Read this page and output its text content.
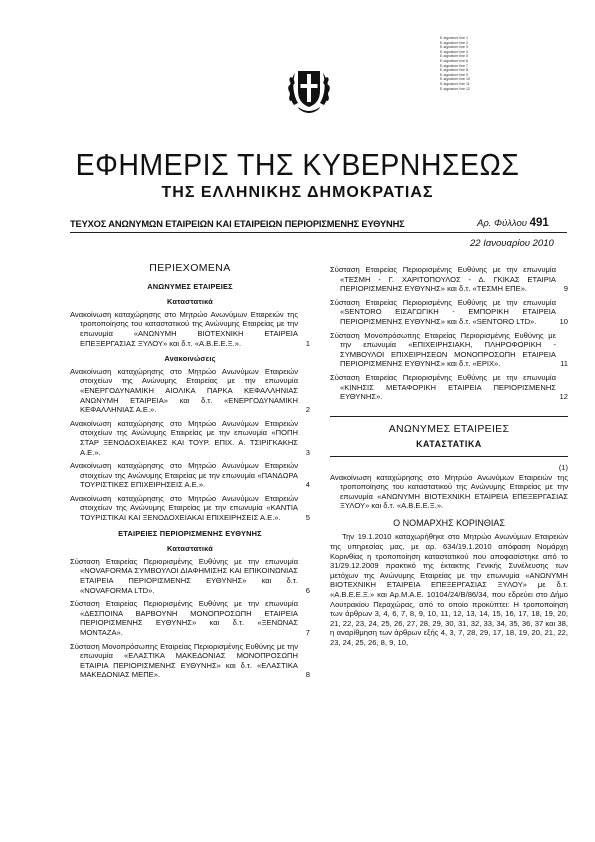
E-signature line 1
E-signature line 2
E-signature line 3
E-signature line 4
E-signature line 5
E-signature line 6
E-signature line 7
E-signature line 8
E-signature line 9
E-signature line 10
E-signature line 11
E-signature line 12
ΕΦΗΜΕΡΙΣ ΤΗΣ ΚΥΒΕΡΝΗΣΕΩΣ
ΤΗΣ ΕΛΛΗΝΙΚΗΣ ΔΗΜΟΚΡΑΤΙΑΣ
ΤΕΥΧΟΣ ΑΝΩΝΥΜΩΝ ΕΤΑΙΡΕΙΩΝ ΚΑΙ ΕΤΑΙΡΕΙΩΝ ΠΕΡΙΟΡΙΣΜΕΝΗΣ ΕΥΘΥΝΗΣ	Αρ. Φύλλου 491
22 Ιανουαρίου 2010
ΠΕΡΙΕΧΟΜΕΝΑ
ΑΝΩΝΥΜΕΣ ΕΤΑΙΡΕΙΕΣ
Καταστατικά
Ανακοίνωση καταχώρησης στο Μητρώο Ανωνύμων Εταιρειών της τροποποίησης του καταστατικού της Ανώνυμης Εταιρείας με την επωνυμία «ΑΝΩΝΥΜΗ ΒΙΟΤΕΧΝΙΚΗ ΕΤΑΙΡΕΙΑ ΕΠΕΞΕΡΓΑΣΙΑΣ ΞΥΛΟΥ» και δ.τ. «Α.Β.Ε.Ε.Ξ.».	1
Ανακοινώσεις
Ανακοίνωση καταχώρησης στο Μητρώο Ανωνύμων Εταιρειών στοιχείων της Ανώνυμης Εταιρείας με την επωνυμία «ΕΝΕΡΓΟΔΥΝΑΜΙΚΗ ΑΙΟΛΙΚΑ ΠΑΡΚΑ ΚΕΦΑΛΛΗΝΙΑΣ ΑΝΩΝΥΜΗ ΕΤΑΙΡΕΙΑ» και δ.τ. «ΕΝΕΡΓΟΔΥΝΑΜΙΚΗ ΚΕΦΑΛΛΗΝΙΑΣ Α.Ε.».	2
Ανακοίνωση καταχώρησης στο Μητρώο Ανωνύμων Εταιρειών στοιχείων της Ανώνυμης Εταιρείας με την επωνυμία «ΠΟΠΗ ΣΤΑΡ ΞΕΝΟΔΟΧΕΙΑΚΕΣ ΚΑΙ ΤΟΥΡ. ΕΠΙΧ. Α. ΤΣΙΡΙΓΚΑΚΗΣ Α.Ε.».	3
Ανακοίνωση καταχώρησης στο Μητρώο Ανωνύμων Εταιρειών στοιχείων της Ανώνυμης Εταιρείας με την επωνυμία «ΠΑΝΔΩΡΑ ΤΟΥΡΙΣΤΙΚΕΣ ΕΠΙΧΕΙΡΗΣΕΙΣ Α.Ε.».	4
Ανακοίνωση καταχώρησης στο Μητρώο Ανωνύμων Εταιρειών στοιχείων της Ανώνυμης Εταιρείας με την επωνυμία «ΚΑΝΤΙΑ ΤΟΥΡΙΣΤΙΚΑΙ ΚΑΙ ΞΕΝΟΔΟΧΕΙΑΚΑΙ ΕΠΙΧΕΙΡΗΣΕΙΣ Α.Ε.».	5
ΕΤΑΙΡΕΙΕΣ ΠΕΡΙΟΡΙΣΜΕΝΗΣ ΕΥΘΥΝΗΣ
Καταστατικά
Σύσταση Εταιρείας Περιορισμένης Ευθύνης με την επωνυμία «NOVAFORMA ΣΥΜΒΟΥΛΟΙ ΔΙΑΦΗΜΙΣΗΣ ΚΑΙ ΕΠΙΚΟΙΝΩΝΙΑΣ ΕΤΑΙΡΕΙΑ ΠΕΡΙΟΡΙΣΜΕΝΗΣ ΕΥΘΥΝΗΣ» και δ.τ. «NOVAFORMA LTD».	6
Σύσταση Εταιρείας Περιορισμένης Ευθύνης με την επωνυμία «ΔΕΣΠΟΙΝΑ ΒΑΡΒΟΥΝΗ ΜΟΝΟΠΡΟΣΩΠΗ ΕΤΑΙΡΕΙΑ ΠΕΡΙΟΡΙΣΜΕΝΗΣ ΕΥΘΥΝΗΣ» και δ.τ. «ΞΕΝΩΝΑΣ ΜΟΝΤΑΖΑ».	7
Σύσταση Μονοπρόσωπης Εταιρείας Περιορισμένης Ευθύνης με την επωνυμία «ΕΛΑΣΤΙΚΑ ΜΑΚΕΔΟΝΙΑΣ ΜΟΝΟΠΡΟΣΩΠΗ ΕΤΑΙΡΙΑ ΠΕΡΙΟΡΙΣΜΕΝΗΣ ΕΥΘΥΝΗΣ» και δ.τ. «ΕΛΑΣΤΙΚΑ ΜΑΚΕΔΟΝΙΑΣ ΜΕΠΕ».	8
Σύσταση Εταιρείας Περιορισμένης Ευθύνης με την επωνυμία «ΤΕΣΜΗ - Γ. ΧΑΡΙΤΟΠΟΥΛΟΣ - Δ. ΓΚΙΚΑΣ ΕΤΑΙΡΙΑ ΠΕΡΙΟΡΙΣΜΕΝΗΣ ΕΥΘΥΝΗΣ» και δ.τ. «ΤΕΣΜΗ ΕΠΕ».	9
Σύσταση Εταιρείας Περιορισμένης Ευθύνης με την επωνυμία «SENTORO ΕΙΣΑΓΩΓΙΚΗ - ΕΜΠΟΡΙΚΗ ΕΤΑΙΡΕΙΑ ΠΕΡΙΟΡΙΣΜΕΝΗΣ ΕΥΘΥΝΗΣ» και δ.τ. «SENTORO LTD».	10
Σύσταση Μονοπρόσωπης Εταιρείας Περιορισμένης Ευθύνης με την επωνυμία «ΕΠΙΧΕΙΡΗΣΙΑΚΗ, ΠΛΗΡΟΦΟΡΙΚΗ - ΣΥΜΒΟΥΛΟΙ ΕΠΙΧΕΙΡΗΣΕΩΝ ΜΟΝΟΠΡΟΣΩΠΗ ΕΤΑΙΡΕΙΑ ΠΕΡΙΟΡΙΣΜΕΝΗΣ ΕΥΘΥΝΗΣ» και δ.τ. «ΕΡΙΧ».	11
Σύσταση Εταιρείας Περιορισμένης Ευθύνης με την επωνυμία «ΚΙΝΗΣΙΣ ΜΕΤΑΦΟΡΙΚΗ ΕΤΑΙΡΕΙΑ ΠΕΡΙΟΡΙΣΜΕΝΗΣ ΕΥΘΥΝΗΣ».	12
ΑΝΩΝΥΜΕΣ ΕΤΑΙΡΕΙΕΣ
ΚΑΤΑΣΤΑΤΙΚΑ
(1)
Ανακοίνωση καταχώρησης στο Μητρώο Ανωνύμων Εταιρειών της τροποποίησης του καταστατικού της Ανώνυμης Εταιρείας με την επωνυμία «ΑΝΩΝΥΜΗ ΒΙΟΤΕΧΝΙΚΗ ΕΤΑΙΡΕΙΑ ΕΠΕΞΕΡΓΑΣΙΑΣ ΞΥΛΟΥ» και δ.τ. «Α.Β.Ε.Ε.Ξ.».
Ο ΝΟΜΑΡΧΗΣ ΚΟΡΙΝΘΙΑΣ

Την 19.1.2010 καταχωρήθηκε στο Μητρώο Ανωνύμων Εταιρειών της υπηρεσίας μας, με αρ. 634/19.1.2010 απόφαση Νομάρχη Κορινθίας η τροποποίηση καταστατικού που αποφασίστηκε από το 31/29.12.2009 πρακτικό της έκτακτης Γενικής Συνέλευσης των μετόχων της Ανώνυμης Εταιρείας με την επωνυμία «ΑΝΩΝΥΜΗ ΒΙΟΤΕΧΝΙΚΗ ΕΤΑΙΡΕΙΑ ΕΠΕΞΕΡΓΑΣΙΑΣ ΞΥΛΟΥ» με δ.τ. «Α.Β.Ε.Ε.Ξ.» και Αρ.Μ.Α.Ε. 10104/24/Β/86/34, που εδρεύει στο Δήμο Λουτρακίου Περαχώρας, από το οποίο προκύπτει: Η τροποποίηση των άρθρων 3, 4, 6, 7, 8, 9, 10, 11, 12, 13, 14, 15, 16, 17, 18, 19, 20, 21, 22, 23, 24, 25, 26, 27, 28, 29, 30, 31, 32, 33, 34, 35, 36, 37 και 38, η αναρίθμηση των άρθρων εξής 4, 3, 7, 28, 29, 17, 18, 19, 20, 21, 22, 23, 24, 25, 26, 8, 9, 10,
